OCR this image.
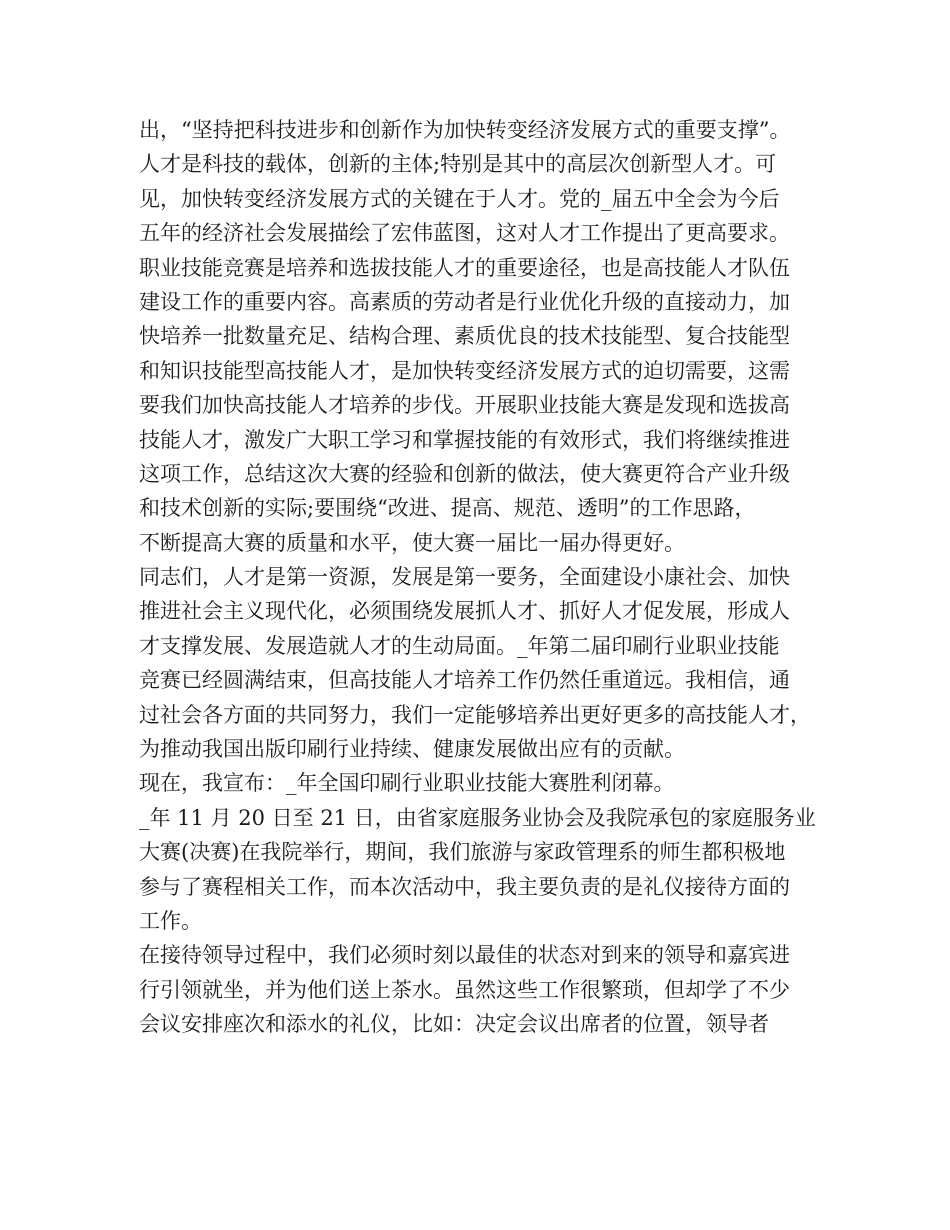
出，“坚持把科技进步和创新作为加快转变经济发展方式的重要支撑”。
人才是科技的载体，创新的主体;特别是其中的高层次创新型人才。可
见，加快转变经济发展方式的关键在于人才。党的_届五中全会为今后
五年的经济社会发展描绘了宏伟蓝图，这对人才工作提出了更高要求。
职业技能竞赛是培养和选拔技能人才的重要途径，也是高技能人才队伍
建设工作的重要内容。高素质的劳动者是行业优化升级的直接动力，加
快培养一批数量充足、结构合理、素质优良的技术技能型、复合技能型
和知识技能型高技能人才，是加快转变经济发展方式的迫切需要，这需
要我们加快高技能人才培养的步伐。开展职业技能大赛是发现和选拔高
技能人才，激发广大职工学习和掌握技能的有效形式，我们将继续推进
这项工作，总结这次大赛的经验和创新的做法，使大赛更符合产业升级
和技术创新的实际;要围绕“改进、提高、规范、透明”的工作思路，
不断提高大赛的质量和水平，使大赛一届比一届办得更好。
同志们，人才是第一资源，发展是第一要务，全面建设小康社会、加快
推进社会主义现代化，必须围绕发展抓人才、抓好人才促发展，形成人
才支撑发展、发展造就人才的生动局面。_年第二届印刷行业职业技能
竞赛已经圆满结束，但高技能人才培养工作仍然任重道远。我相信，通
过社会各方面的共同努力，我们一定能够培养出更好更多的高技能人才，
为推动我国出版印刷行业持续、健康发展做出应有的贡献。
现在，我宣布：_年全国印刷行业职业技能大赛胜利闭幕。
_年 11 月 20 日至 21 日，由省家庭服务业协会及我院承包的家庭服务业
大赛(决赛)在我院举行，期间，我们旅游与家政管理系的师生都积极地
参与了赛程相关工作，而本次活动中，我主要负责的是礼仪接待方面的
工作。
在接待领导过程中，我们必须时刻以最佳的状态对到来的领导和嘉宾进
行引领就坐，并为他们送上茶水。虽然这些工作很繁琐，但却学了不少
会议安排座次和添水的礼仪，比如：决定会议出席者的位置，领导者
